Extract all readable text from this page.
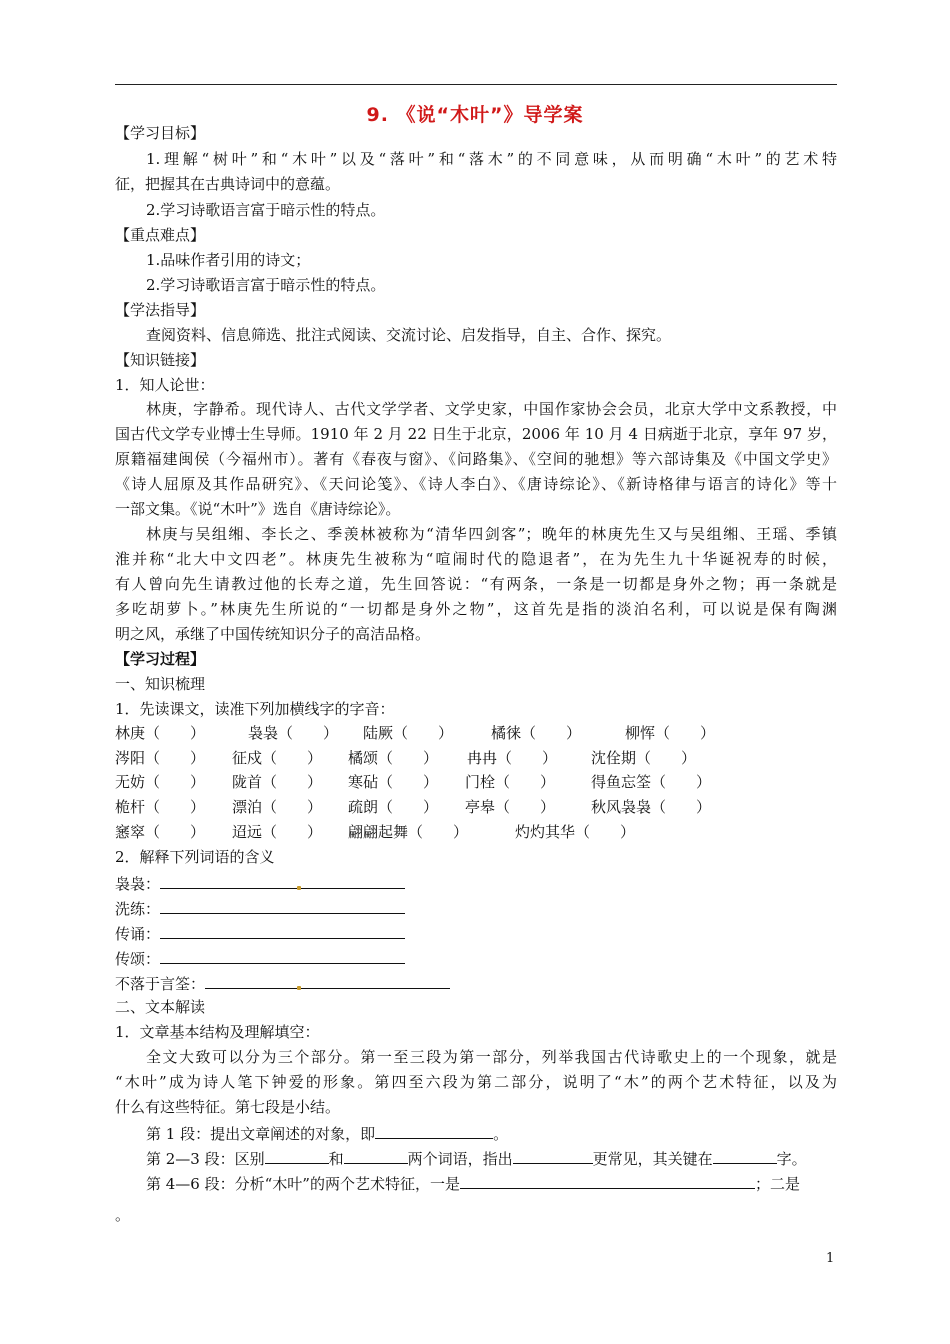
9. 《说“木叶”》导学案
【学习目标】
1.理解“树叶”和“木叶”以及“落叶”和“落木”的不同意味，从而明确“木叶”的艺术特
征，把握其在古典诗词中的意蕴。
2.学习诗歌语言富于暗示性的特点。
【重点难点】
1.品味作者引用的诗文；
2.学习诗歌语言富于暗示性的特点。
【学法指导】
查阅资料、信息筛选、批注式阅读、交流讨论、启发指导，自主、合作、探究。
【知识链接】
1．知人论世：
林庚，字静希。现代诗人、古代文学学者、文学史家，中国作家协会会员，北京大学中文系教授，中
国古代文学专业博士生导师。1910 年 2 月 22 日生于北京，2006 年 10 月 4 日病逝于北京，享年 97 岁，
原籍福建闽侯（今福州市）。著有《春夜与窗》、《问路集》、《空间的驰想》等六部诗集及《中国文学史》
《诗人屈原及其作品研究》、《天问论笺》、《诗人李白》、《唐诗综论》、《新诗格律与语言的诗化》等十
一部文集。《说“木叶”》选自《唐诗综论》。
林庚与吴组缃、李长之、季羡林被称为“清华四剑客”；晚年的林庚先生又与吴组缃、王瑶、季镇
淮并称“北大中文四老”。林庚先生被称为“喧闹时代的隐退者”，在为先生九十华诞祝寿的时候，
有人曾向先生请教过他的长寿之道，先生回答说：“有两条，一条是一切都是身外之物；再一条就是
多吃胡萝卜。”林庚先生所说的“一切都是身外之物”，这首先是指的淡泊名利，可以说是保有陶渊
明之风，承继了中国传统知识分子的高洁品格。
【学习过程】
一、知识梳理
1．先读课文，读准下列加横线字的字音：
林庚（　　）	袅袅（　　） 陆厥（　　）	橘徕（　　）	柳恽（　　）
涔阳（　　） 征戍（　　） 橘颂（　　） 冉冉（　　） 沈佺期（　　）
无妨（　　） 陇首（　　） 寒砧（　　） 门栓（　　） 得鱼忘筌（　　）
桅杆（　　） 漂泊（　　） 疏朗（　　） 亭皋（　　） 秋风袅袅（　　）
窸窣（　　） 迢远（　　） 翩翩起舞（　　）	灼灼其华（　　）
2．解释下列词语的含义
袅袅：
洗练：
传诵：
传颂：
不落于言筌：
二、文本解读
1．文章基本结构及理解填空：
全文大致可以分为三个部分。第一至三段为第一部分，列举我国古代诗歌史上的一个现象，就是
“木叶”成为诗人笔下钟爱的形象。第四至六段为第二部分，说明了“木”的两个艺术特征，以及为
什么有这些特征。第七段是小结。
第 1 段：提出文章阐述的对象，即	。
第 2—3 段：区别	和	两个词语，指出	更常见，其关键在	字。
第 4—6 段：分析“木叶”的两个艺术特征，一是	；二是
。
1
